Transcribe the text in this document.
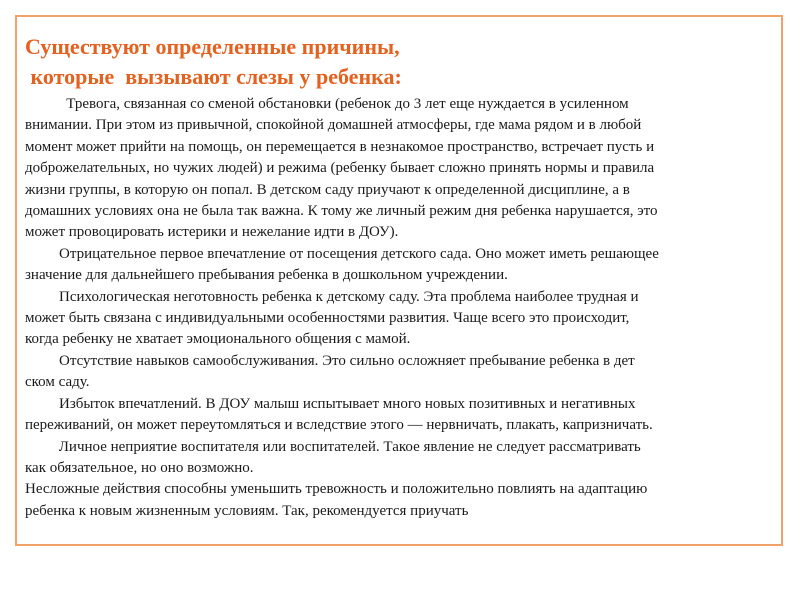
Существуют определенные причины,
которые  вызывают слезы у ребенка:
Тревога, связанная со сменой обстановки (ребенок до 3 лет еще нуждается в усиленном
внимании. При этом из привычной, спокойной домашней атмосферы, где мама рядом и в любой
момент может прийти на помощь, он перемещается в незнакомое пространство, встречает пусть и
доброжелательных, но чужих людей) и режима (ребенку бывает сложно принять нормы и правила
жизни группы, в которую он попал. В детском саду приучают к определенной дисциплине, а в
домашних условиях она не была так важна. К тому же личный режим дня ребенка нарушается, это
может провоцировать истерики и нежелание идти в ДОУ).
Отрицательное первое впечатление от посещения детского сада. Оно может иметь решающее
значение для дальнейшего пребывания ребенка в дошкольном учреждении.
Психологическая неготовность ребенка к детскому саду. Эта проблема наиболее трудная и
может быть связана с индивидуальными особенностями развития. Чаще всего это происходит,
когда ребенку не хватает эмоционального общения с мамой.
Отсутствие навыков самообслуживания. Это сильно осложняет пребывание ребенка в дет
ском саду.
Избыток впечатлений. В ДОУ малыш испытывает много новых позитивных и негативных
переживаний, он может переутомляться и вследствие этого — нервничать, плакать, капризничать.
Личное неприятие воспитателя или воспитателей. Такое явление не следует рассматривать
как обязательное, но оно возможно.
Несложные действия способны уменьшить тревожность и положительно повлиять на адаптацию
ребенка к новым жизненным условиям. Так, рекомендуется приучать
